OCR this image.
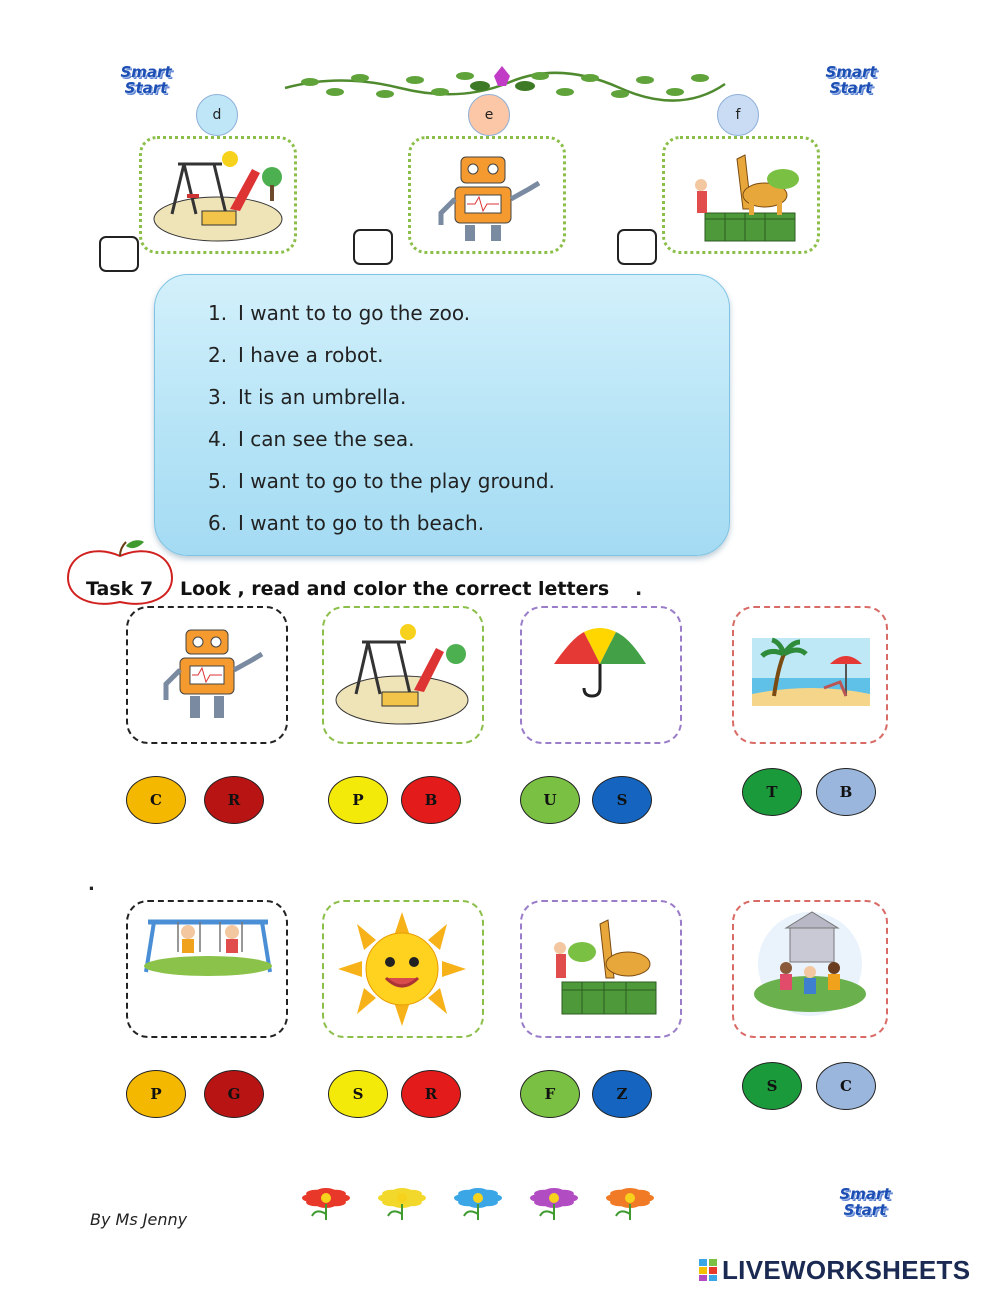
Smart Start
Smart Start
d	e	f
1. I want to to go the zoo.
2. I have a robot.
3. It is an umbrella.
4. I can see the sea.
5. I want to go to the play ground.
6. I want to go to th beach.
Task 7 Look , read and color the correct letters .
C	R	P	B	U	S	T	B
.
P	G	S	R	F	Z	S	C
Smart Start
By Ms Jenny
LIVEWORKSHEETS
